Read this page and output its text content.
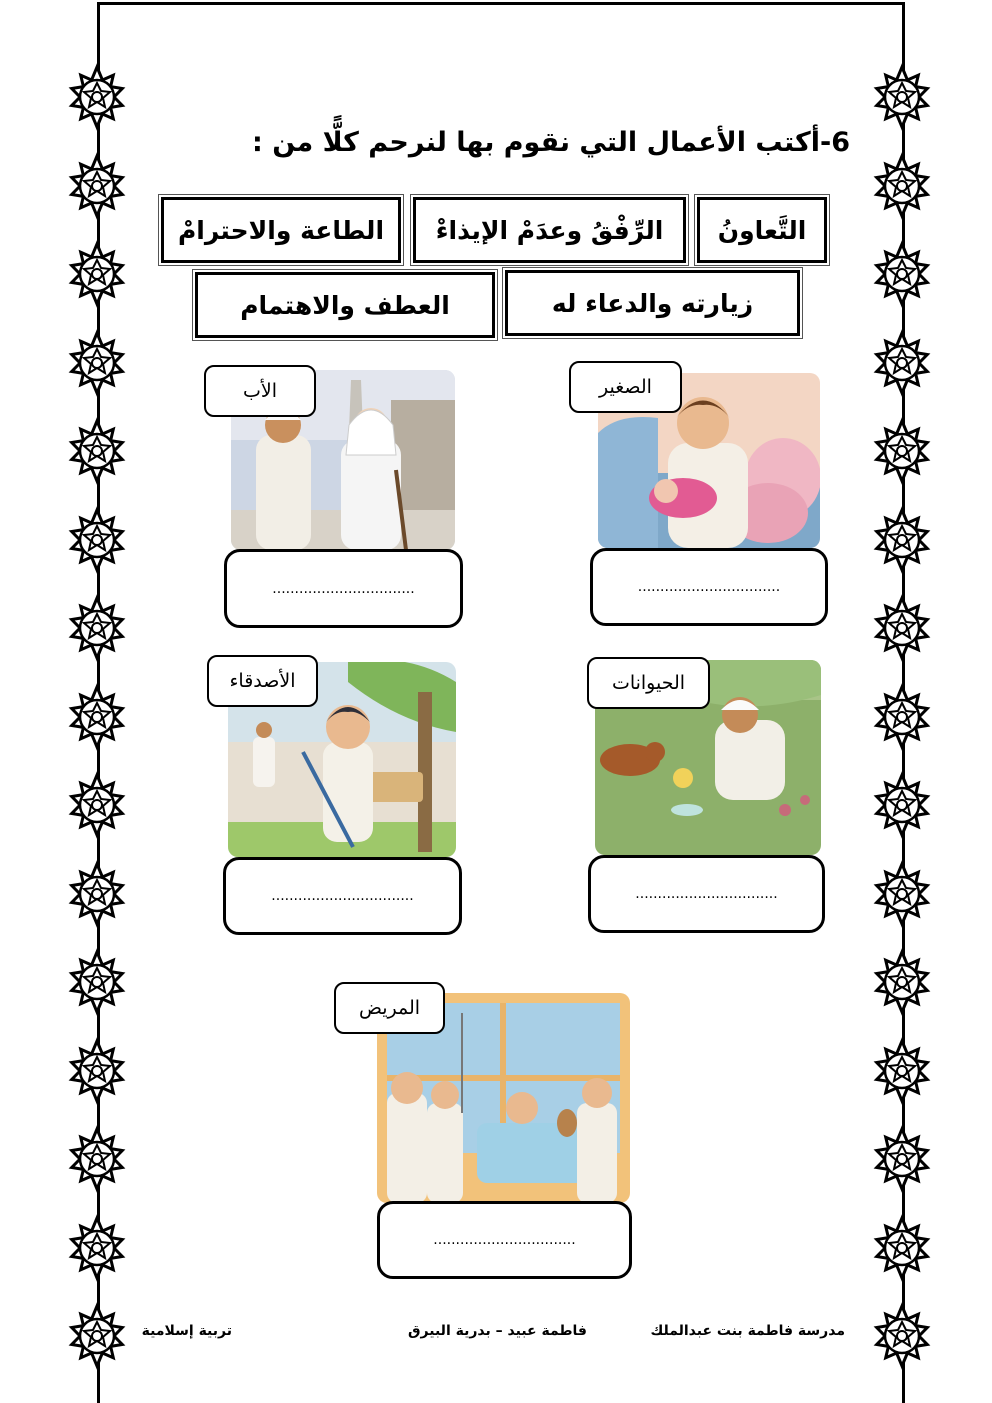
6-أكتب الأعمال التي نقوم بها لنرحم كلًّا من :
التَّعاونُ
الرِّفْقُ وعدَمْ الإيذاءْ
الطاعة والاحترامْ
زيارته والدعاء له
العطف والاهتمام
الصغير
................................
الأب
................................
الحيوانات
................................
الأصدقاء
................................
المريض
................................
مدرسة فاطمة بنت عبدالملك
فاطمة عبيد – بدرية البيرق
تربية إسلامية
